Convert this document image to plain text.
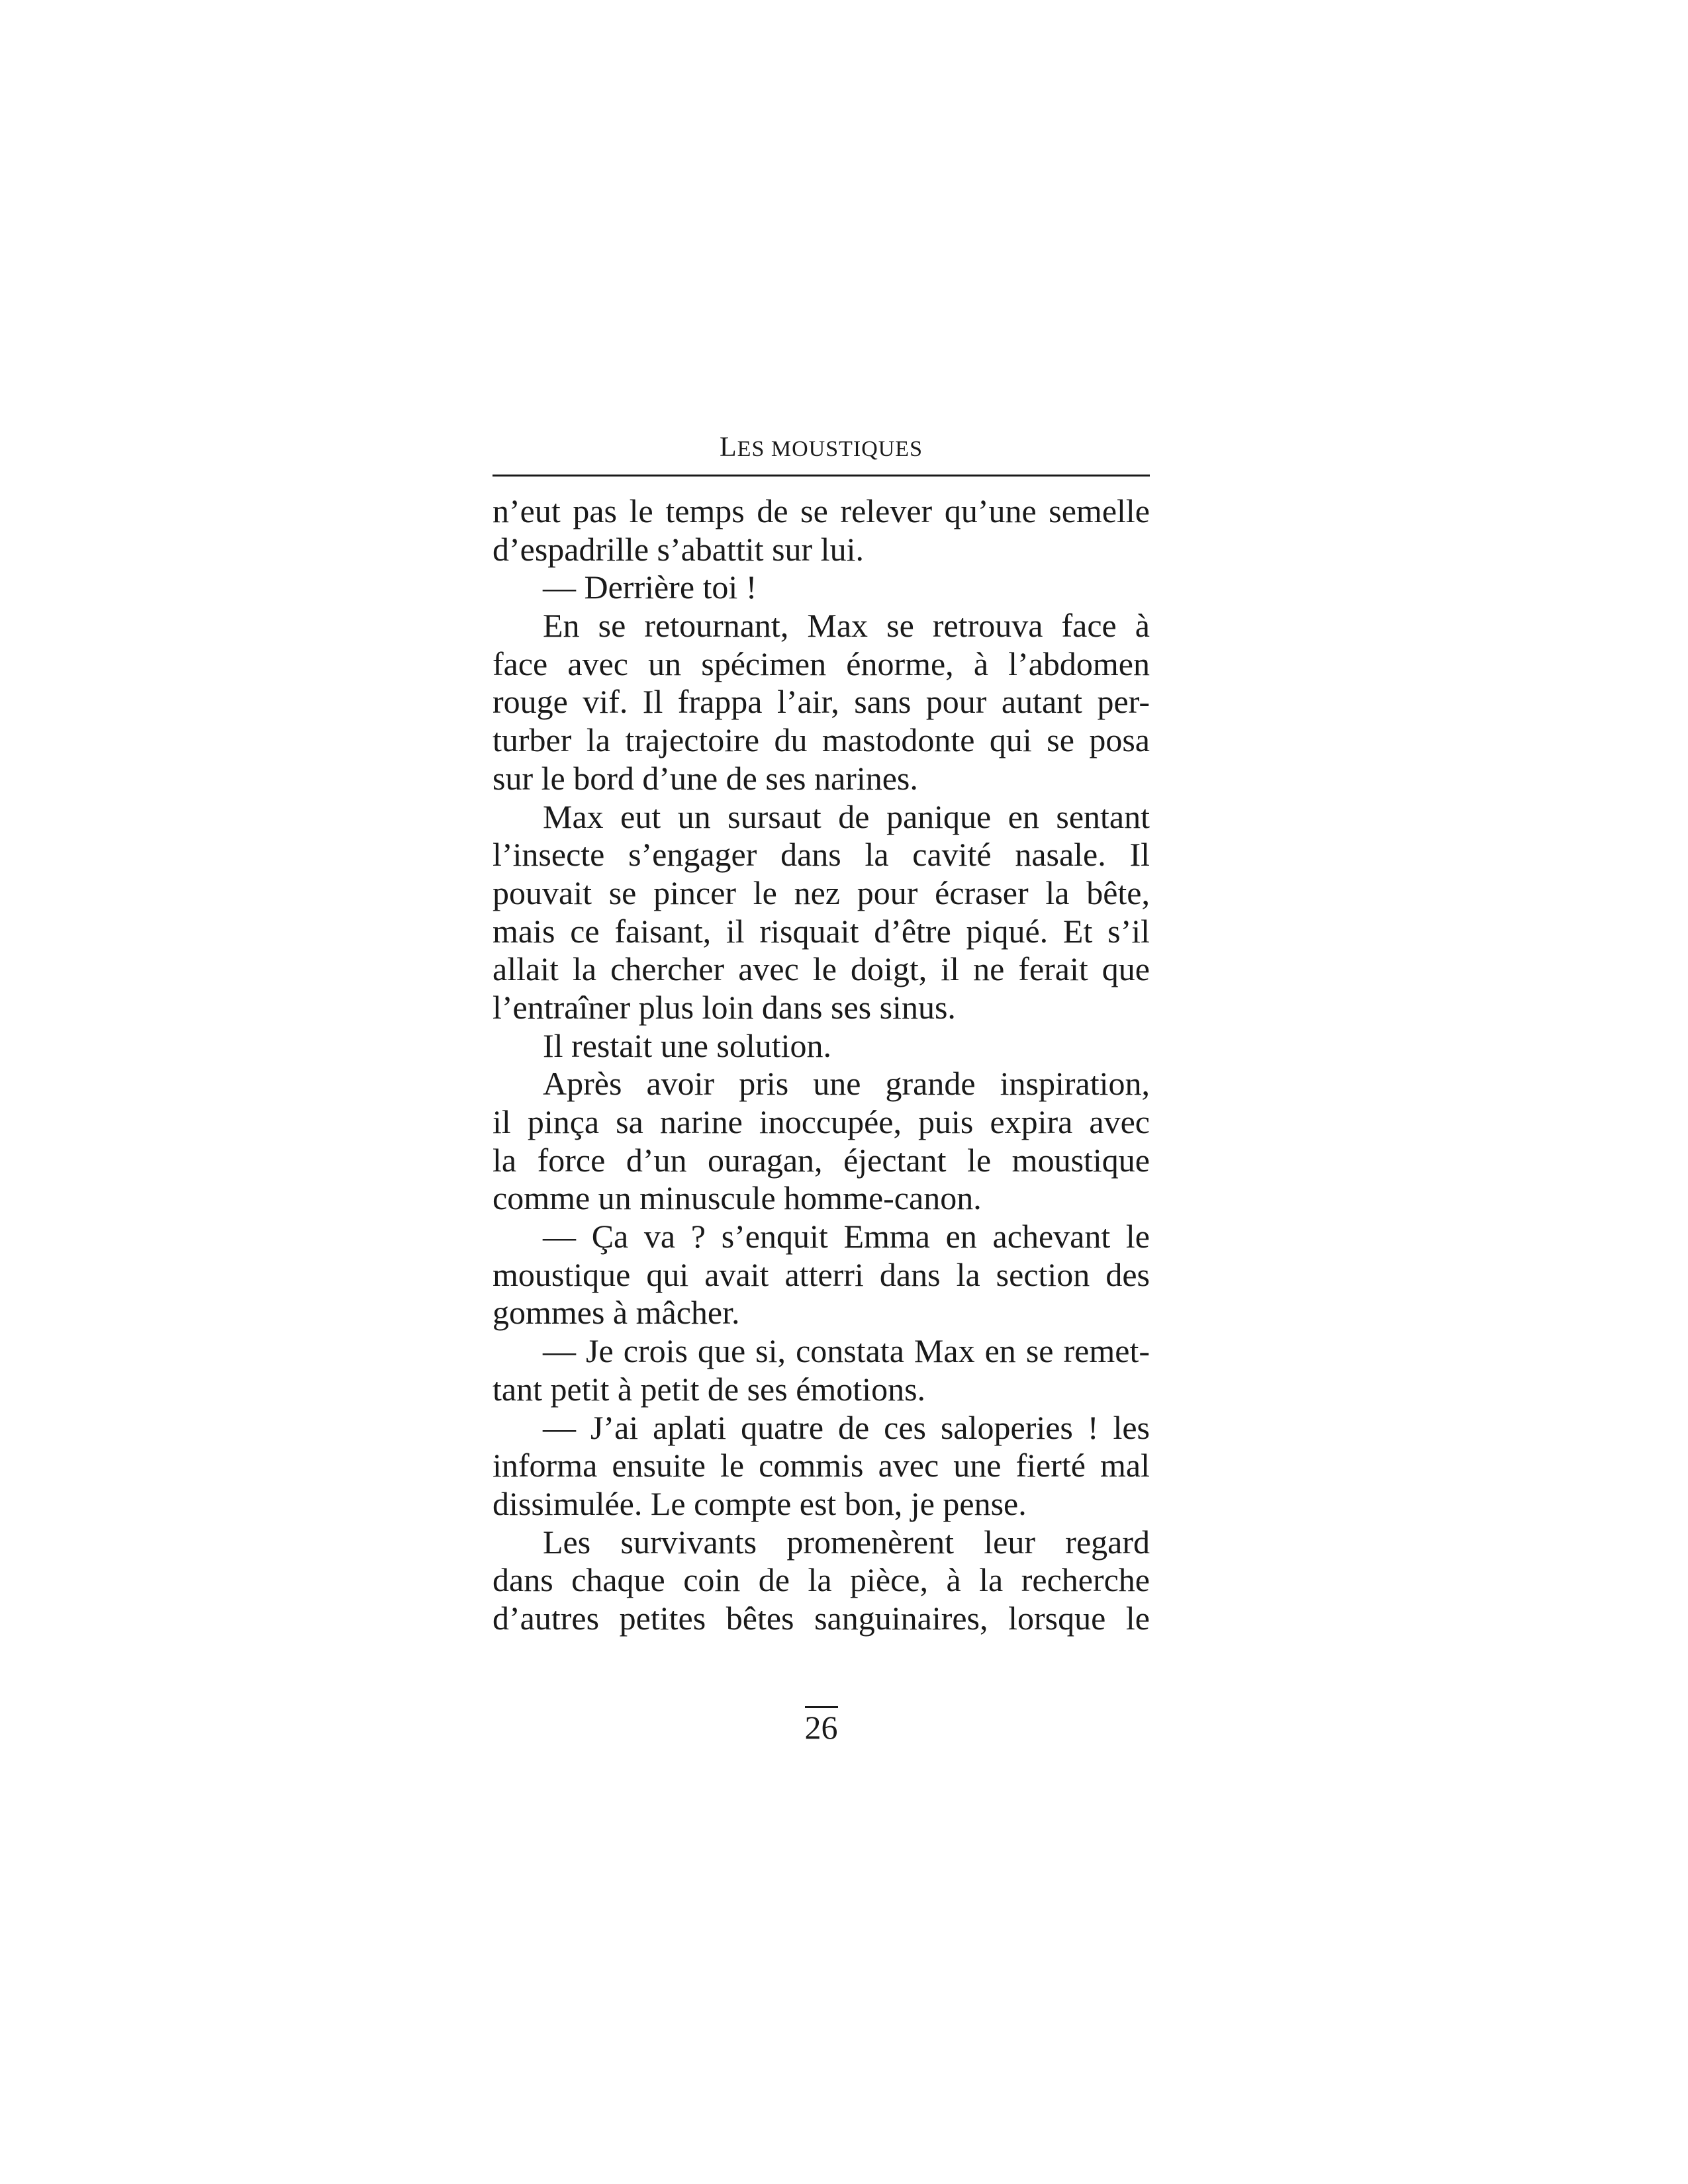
LES MOUSTIQUES
n’eut pas le temps de se relever qu’une semelle
d’espadrille s’abattit sur lui.
— Derrière toi !
En se retournant, Max se retrouva face à
face avec un spécimen énorme, à l’abdomen
rouge vif. Il frappa l’air, sans pour autant per-
turber la trajectoire du mastodonte qui se posa
sur le bord d’une de ses narines.
Max eut un sursaut de panique en sentant
l’insecte s’engager dans la cavité nasale. Il
pouvait se pincer le nez pour écraser la bête,
mais ce faisant, il risquait d’être piqué. Et s’il
allait la chercher avec le doigt, il ne ferait que
l’entraîner plus loin dans ses sinus.
Il restait une solution.
Après avoir pris une grande inspiration,
il pinça sa narine inoccupée, puis expira avec
la force d’un ouragan, éjectant le moustique
comme un minuscule homme-canon.
— Ça va ? s’enquit Emma en achevant le
moustique qui avait atterri dans la section des
gommes à mâcher.
— Je crois que si, constata Max en se remet-
tant petit à petit de ses émotions.
— J’ai aplati quatre de ces saloperies ! les
informa ensuite le commis avec une fierté mal
dissimulée. Le compte est bon, je pense.
Les survivants promenèrent leur regard
dans chaque coin de la pièce, à la recherche
d’autres petites bêtes sanguinaires, lorsque le
26
